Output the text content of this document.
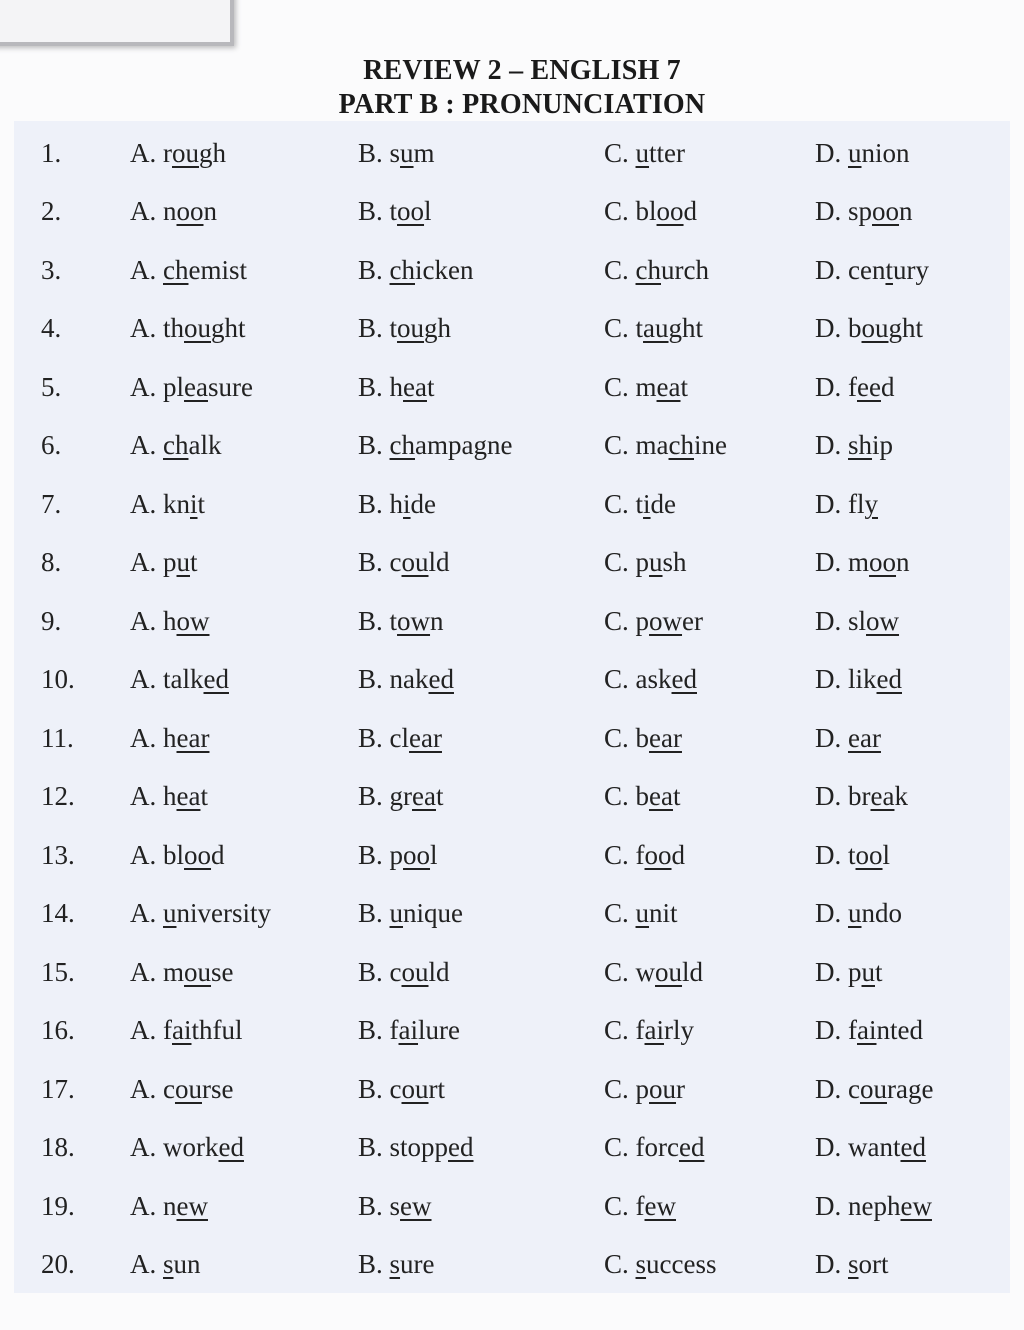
REVIEW 2 – ENGLISH 7
PART B : PRONUNCIATION
1.	A. rough	B. sum	C. utter	D. union
2.	A. noon	B. tool	C. blood	D. spoon
3.	A. chemist	B. chicken	C. church	D. century
4.	A. thought	B. tough	C. taught	D. bought
5.	A. pleasure	B. heat	C. meat	D. feed
6.	A. chalk	B. champagne	C. machine	D. ship
7.	A. knit	B. hide	C. tide	D. fly
8.	A. put	B. could	C. push	D. moon
9.	A. how	B. town	C. power	D. slow
10. A. talked	B. naked	C. asked	D. liked
11. A. hear	B. clear	C. bear	D. ear
12. A. heat	B. great	C. beat	D. break
13. A. blood	B. pool	C. food	D. tool
14. A. university	B. unique	C. unit	D. undo
15. A. mouse	B. could	C. would	D. put
16. A. faithful	B. failure	C. fairly	D. fainted
17. A. course	B. court	C. pour	D. courage
18. A. worked	B. stopped	C. forced	D. wanted
19. A. new	B. sew	C. few	D. nephew
20. A. sun	B. sure	C. success	D. sort
